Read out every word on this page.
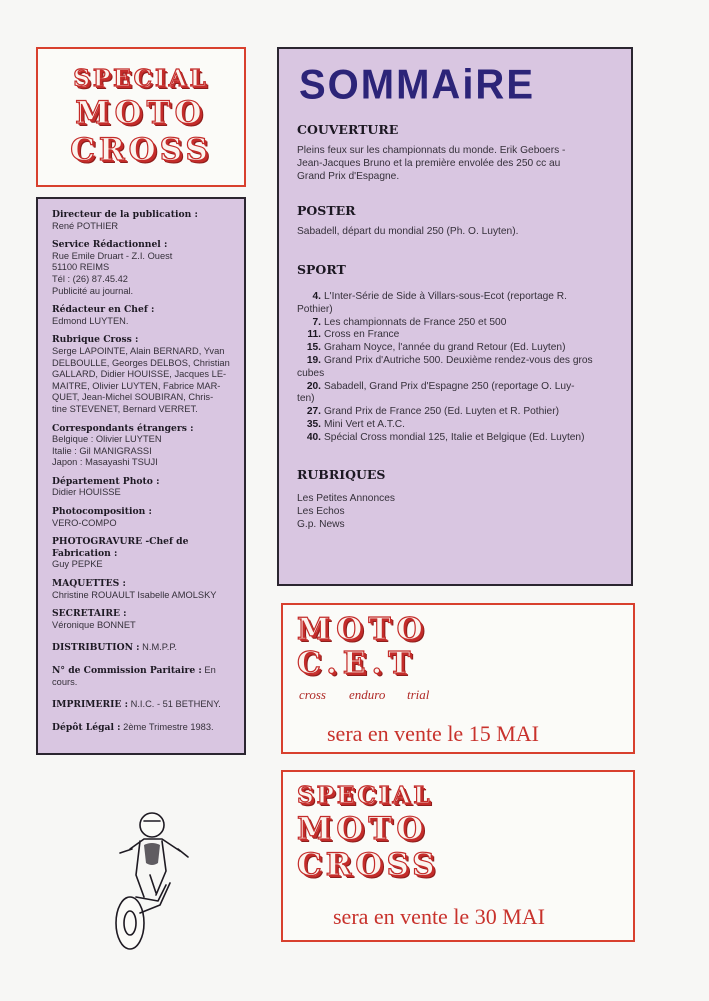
SPECIAL
MOTO
CROSS
Directeur de la publication :
René POTHIER
Service Rédactionnel :
Rue Emile Druart - Z.I. Ouest
51100 REIMS
Tél : (26) 87.45.42
Publicité au journal.
Rédacteur en Chef :
Edmond LUYTEN.
Rubrique Cross :
Serge LAPOINTE, Alain BERNARD, Yvan
DELBOULLE, Georges DELBOS, Christian
GALLARD, Didier HOUISSE, Jacques LE-
MAITRE, Olivier LUYTEN, Fabrice MAR-
QUET, Jean-Michel SOUBIRAN, Chris-
tine STEVENET, Bernard VERRET.
Correspondants étrangers :
Belgique : Olivier LUYTEN
Italie : Gil MANIGRASSI
Japon : Masayashi TSUJI
Département Photo :
Didier HOUISSE
Photocomposition :
VERO-COMPO
PHOTOGRAVURE -Chef de Fabrication :
Guy PEPKE
MAQUETTES :
Christine ROUAULT Isabelle AMOLSKY
SECRETAIRE :
Véronique BONNET
DISTRIBUTION : N.M.P.P.
N° de Commission Paritaire : En cours.
IMPRIMERIE : N.I.C. - 51 BETHENY.
Dépôt Légal : 2ème Trimestre 1983.
SOMMAiRE
COUVERTURE
Pleins feux sur les championnats du monde. Erik Geboers -
Jean-Jacques Bruno et la première envolée des 250 cc au
Grand Prix d'Espagne.
POSTER
Sabadell, départ du mondial 250 (Ph. O. Luyten).
SPORT
4. L'Inter-Série de Side à Villars-sous-Ecot (reportage R.
Pothier)
7. Les championnats de France 250 et 500
11. Cross en France
15. Graham Noyce, l'année du grand Retour (Ed. Luyten)
19. Grand Prix d'Autriche 500. Deuxième rendez-vous des gros
cubes
20. Sabadell, Grand Prix d'Espagne 250 (reportage O. Luy-
ten)
27. Grand Prix de France 250 (Ed. Luyten et R. Pothier)
35. Mini Vert et A.T.C.
40. Spécial Cross mondial 125, Italie et Belgique (Ed. Luyten)
RUBRIQUES
Les Petites Annonces
Les Echos
G.p. News
MOTO
C.E.T
cross enduro trial
sera en vente le 15 MAI
SPECIAL
MOTO
CROSS
sera en vente le 30 MAI
